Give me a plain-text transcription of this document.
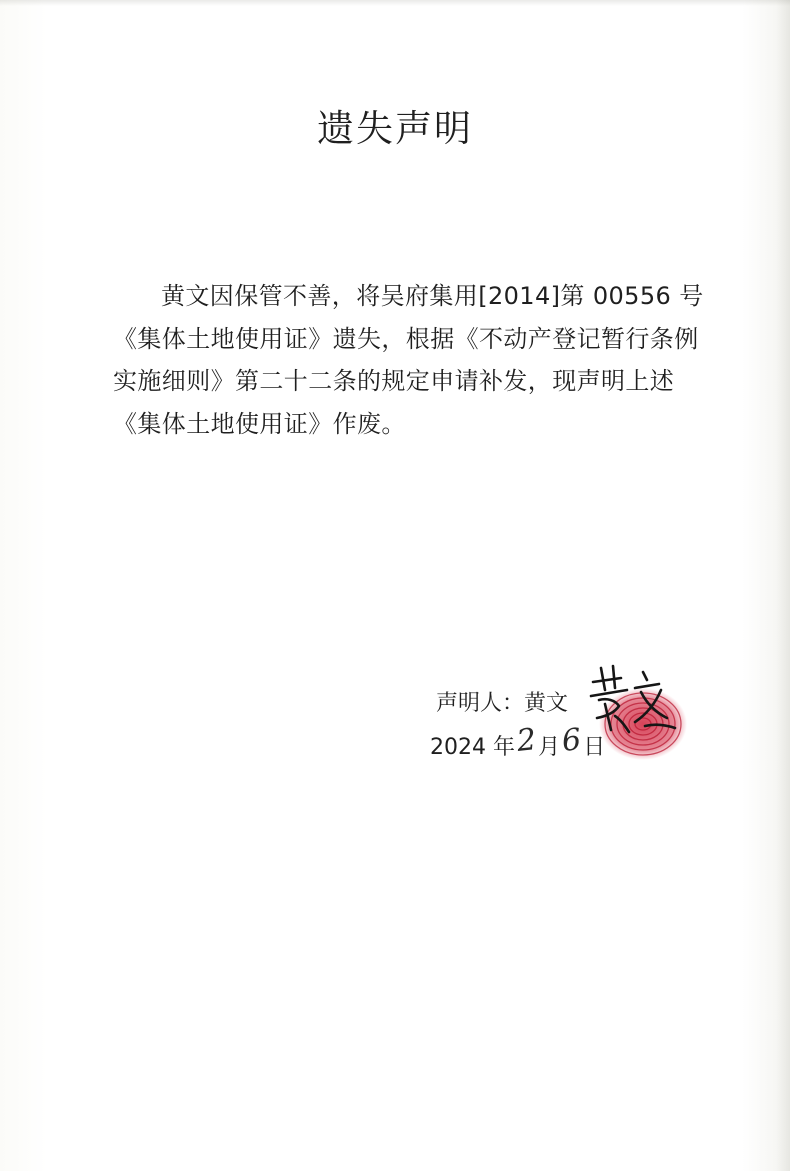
遗失声明
黄文因保管不善，将吴府集用[2014]第 00556 号《集体土地使用证》遗失，根据《不动产登记暂行条例实施细则》第二十二条的规定申请补发，现声明上述《集体土地使用证》作废。
声明人：黄文
2024 年2月6日
